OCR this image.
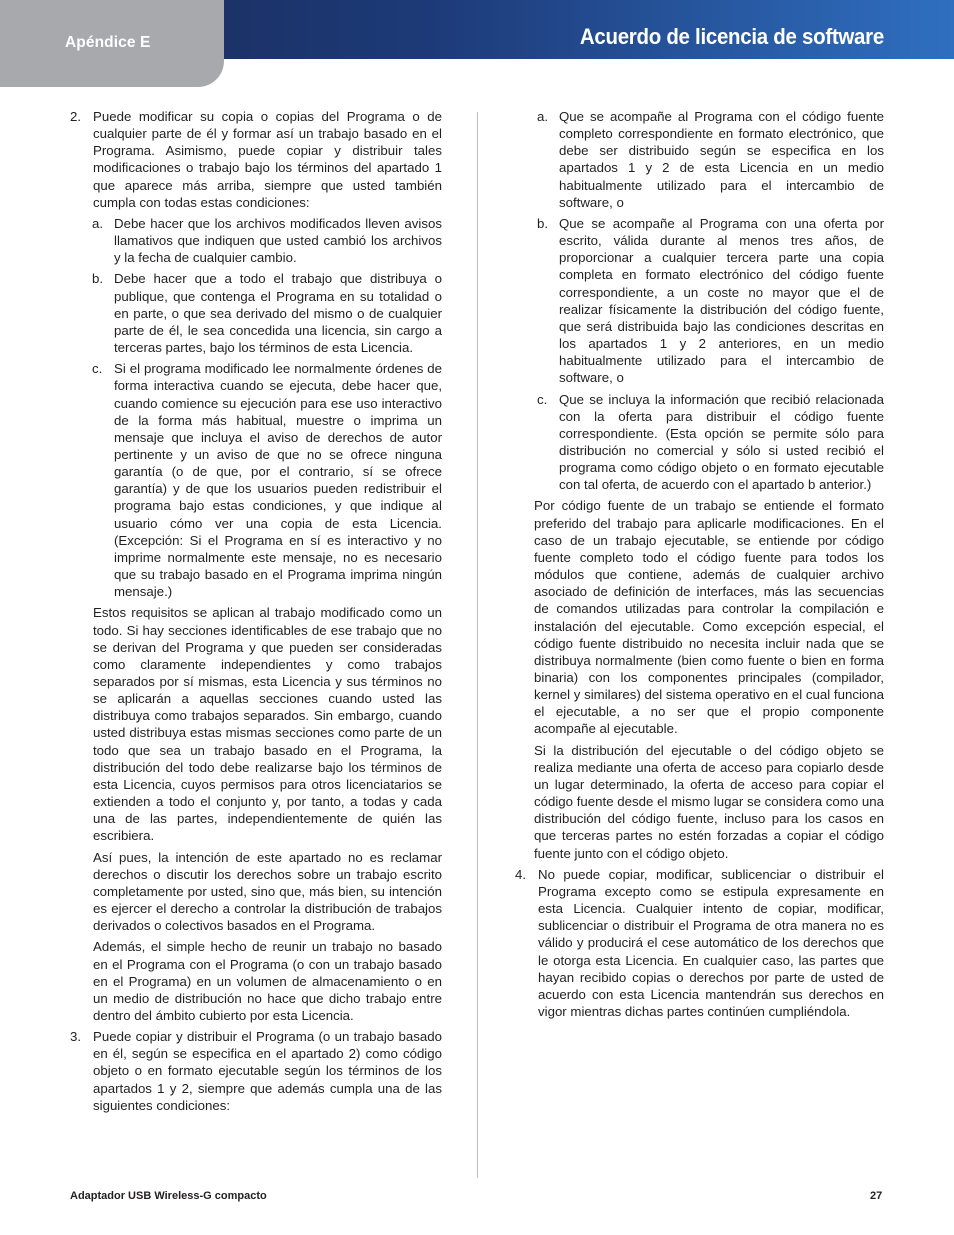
Acuerdo de licencia de software
Apéndice E
2. Puede modificar su copia o copias del Programa o de cualquier parte de él y formar así un trabajo basado en el Programa. Asimismo, puede copiar y distribuir tales modificaciones o trabajo bajo los términos del apartado 1 que aparece más arriba, siempre que usted también cumpla con todas estas condiciones:
a. Debe hacer que los archivos modificados lleven avisos llamativos que indiquen que usted cambió los archivos y la fecha de cualquier cambio.
b. Debe hacer que a todo el trabajo que distribuya o publique, que contenga el Programa en su totalidad o en parte, o que sea derivado del mismo o de cualquier parte de él, le sea concedida una licencia, sin cargo a terceras partes, bajo los términos de esta Licencia.
c. Si el programa modificado lee normalmente órdenes de forma interactiva cuando se ejecuta, debe hacer que, cuando comience su ejecución para ese uso interactivo de la forma más habitual, muestre o imprima un mensaje que incluya el aviso de derechos de autor pertinente y un aviso de que no se ofrece ninguna garantía (o de que, por el contrario, sí se ofrece garantía) y de que los usuarios pueden redistribuir el programa bajo estas condiciones, y que indique al usuario cómo ver una copia de esta Licencia. (Excepción: Si el Programa en sí es interactivo y no imprime normalmente este mensaje, no es necesario que su trabajo basado en el Programa imprima ningún mensaje.)
Estos requisitos se aplican al trabajo modificado como un todo. Si hay secciones identificables de ese trabajo que no se derivan del Programa y que pueden ser consideradas como claramente independientes y como trabajos separados por sí mismas, esta Licencia y sus términos no se aplicarán a aquellas secciones cuando usted las distribuya como trabajos separados. Sin embargo, cuando usted distribuya estas mismas secciones como parte de un todo que sea un trabajo basado en el Programa, la distribución del todo debe realizarse bajo los términos de esta Licencia, cuyos permisos para otros licenciatarios se extienden a todo el conjunto y, por tanto, a todas y cada una de las partes, independientemente de quién las escribiera.
Así pues, la intención de este apartado no es reclamar derechos o discutir los derechos sobre un trabajo escrito completamente por usted, sino que, más bien, su intención es ejercer el derecho a controlar la distribución de trabajos derivados o colectivos basados en el Programa.
Además, el simple hecho de reunir un trabajo no basado en el Programa con el Programa (o con un trabajo basado en el Programa) en un volumen de almacenamiento o en un medio de distribución no hace que dicho trabajo entre dentro del ámbito cubierto por esta Licencia.
3. Puede copiar y distribuir el Programa (o un trabajo basado en él, según se especifica en el apartado 2) como código objeto o en formato ejecutable según los términos de los apartados 1 y 2, siempre que además cumpla una de las siguientes condiciones:
a. Que se acompañe al Programa con el código fuente completo correspondiente en formato electrónico, que debe ser distribuido según se especifica en los apartados 1 y 2 de esta Licencia en un medio habitualmente utilizado para el intercambio de software, o
b. Que se acompañe al Programa con una oferta por escrito, válida durante al menos tres años, de proporcionar a cualquier tercera parte una copia completa en formato electrónico del código fuente correspondiente, a un coste no mayor que el de realizar físicamente la distribución del código fuente, que será distribuida bajo las condiciones descritas en los apartados 1 y 2 anteriores, en un medio habitualmente utilizado para el intercambio de software, o
c. Que se incluya la información que recibió relacionada con la oferta para distribuir el código fuente correspondiente. (Esta opción se permite sólo para distribución no comercial y sólo si usted recibió el programa como código objeto o en formato ejecutable con tal oferta, de acuerdo con el apartado b anterior.)
Por código fuente de un trabajo se entiende el formato preferido del trabajo para aplicarle modificaciones. En el caso de un trabajo ejecutable, se entiende por código fuente completo todo el código fuente para todos los módulos que contiene, además de cualquier archivo asociado de definición de interfaces, más las secuencias de comandos utilizadas para controlar la compilación e instalación del ejecutable. Como excepción especial, el código fuente distribuido no necesita incluir nada que se distribuya normalmente (bien como fuente o bien en forma binaria) con los componentes principales (compilador, kernel y similares) del sistema operativo en el cual funciona el ejecutable, a no ser que el propio componente acompañe al ejecutable.
Si la distribución del ejecutable o del código objeto se realiza mediante una oferta de acceso para copiarlo desde un lugar determinado, la oferta de acceso para copiar el código fuente desde el mismo lugar se considera como una distribución del código fuente, incluso para los casos en que terceras partes no estén forzadas a copiar el código fuente junto con el código objeto.
4. No puede copiar, modificar, sublicenciar o distribuir el Programa excepto como se estipula expresamente en esta Licencia. Cualquier intento de copiar, modificar, sublicenciar o distribuir el Programa de otra manera no es válido y producirá el cese automático de los derechos que le otorga esta Licencia. En cualquier caso, las partes que hayan recibido copias o derechos por parte de usted de acuerdo con esta Licencia mantendrán sus derechos en vigor mientras dichas partes continúen cumpliéndola.
Adaptador USB Wireless-G compacto	27
